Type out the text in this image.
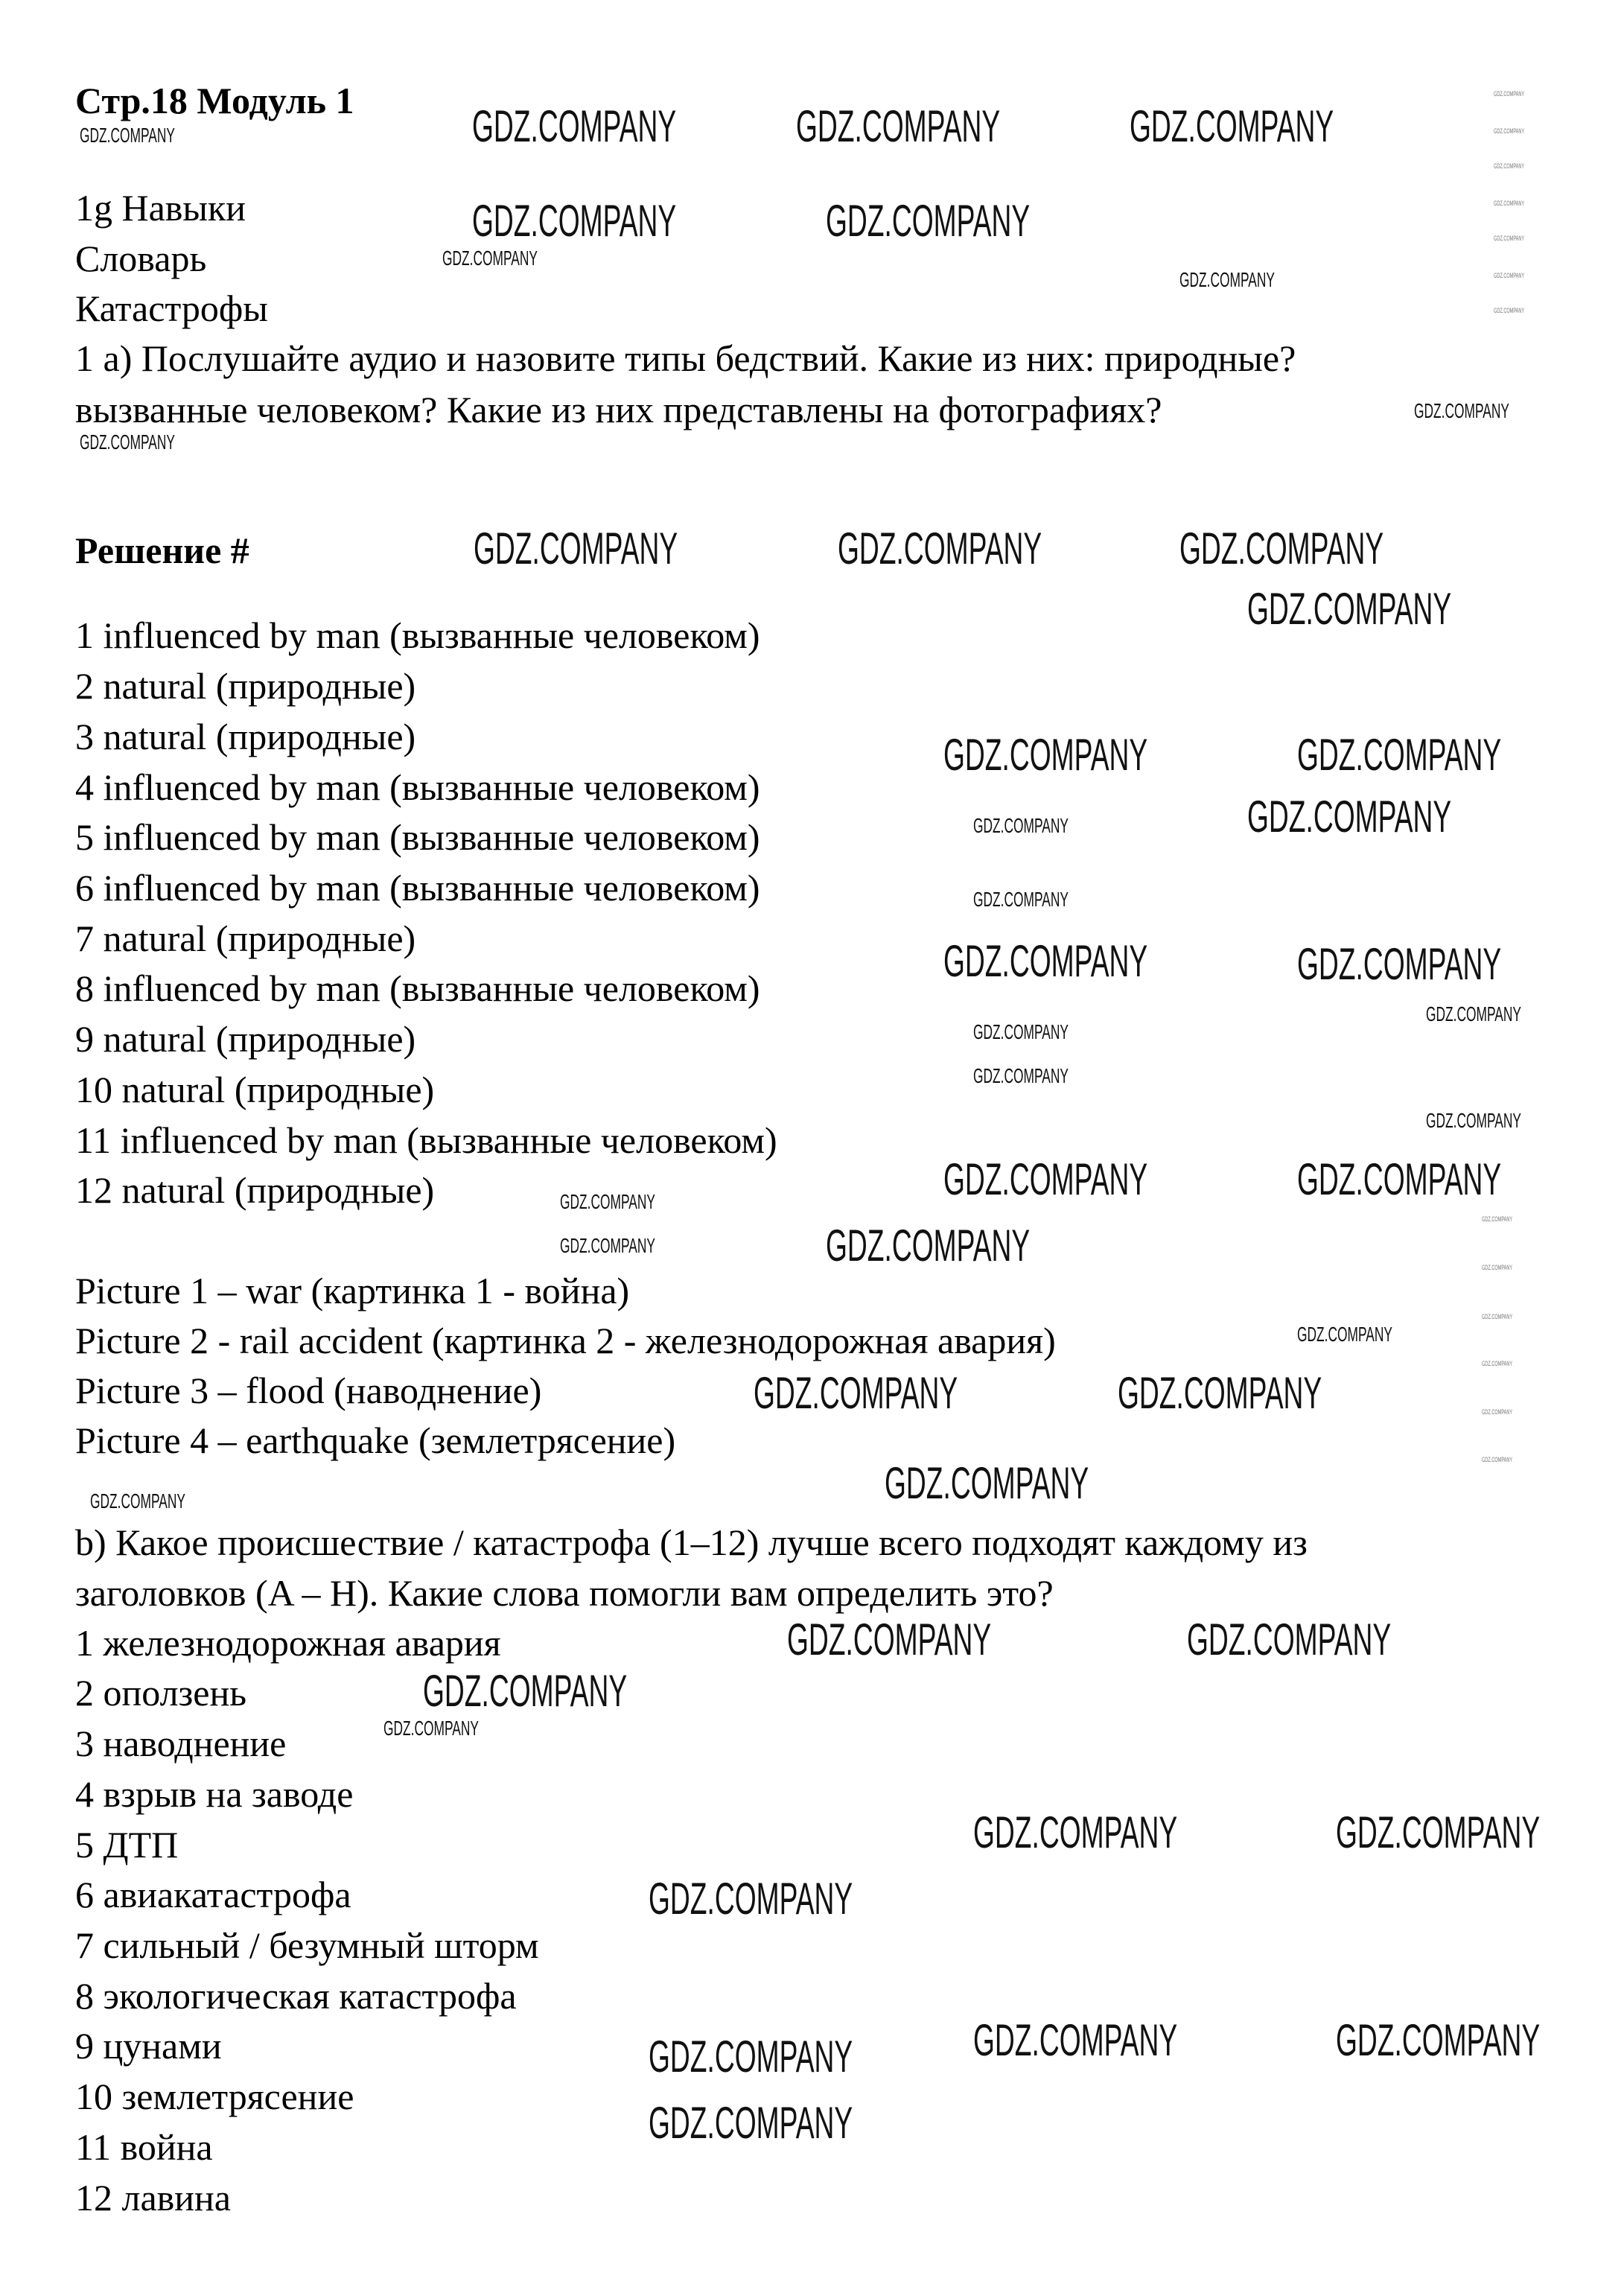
Стр.18 Модуль 1
1g Навыки
Словарь
Катастрофы
1 а) Послушайте аудио и назовите типы бедствий. Какие из них: природные?
вызванные человеком? Какие из них представлены на фотографиях?
Решение #
1 influenced by man (вызванные человеком)
2 natural (природные)
3 natural (природные)
4 influenced by man (вызванные человеком)
5 influenced by man (вызванные человеком)
6 influenced by man (вызванные человеком)
7 natural (природные)
8 influenced by man (вызванные человеком)
9 natural (природные)
10 natural (природные)
11 influenced by man (вызванные человеком)
12 natural (природные)
Picture 1 – war (картинка 1 - война)
Picture 2 - rail accident (картинка 2 - железнодорожная авария)
Picture 3 – flood (наводнение)
Picture 4 – earthquake (землетрясение)
b) Какое происшествие / катастрофа (1–12) лучше всего подходят каждому из
заголовков (A – H). Какие слова помогли вам определить это?
1 железнодорожная авария
2 оползень
3 наводнение
4 взрыв на заводе
5 ДТП
6 авиакатастрофа
7 сильный / безумный шторм
8 экологическая катастрофа
9 цунами
10 землетрясение
11 война
12 лавина
GDZ.COMPANY	GDZ.COMPANY	GDZ.COMPANY
GDZ.COMPANY	GDZ.COMPANY
GDZ.COMPANY	GDZ.COMPANY	GDZ.COMPANY
GDZ.COMPANY
GDZ.COMPANY	GDZ.COMPANY
GDZ.COMPANY
GDZ.COMPANY	GDZ.COMPANY
GDZ.COMPANY	GDZ.COMPANY
GDZ.COMPANY
GDZ.COMPANY	GDZ.COMPANY
GDZ.COMPANY
GDZ.COMPANY	GDZ.COMPANY
GDZ.COMPANY
GDZ.COMPANY	GDZ.COMPANY
GDZ.COMPANY
GDZ.COMPANY	GDZ.COMPANY	GDZ.COMPANY
GDZ.COMPANY
GDZ.COMPANY
GDZ.COMPANY
GDZ.COMPANY
GDZ.COMPANY
GDZ.COMPANY
GDZ.COMPANY
GDZ.COMPANY
GDZ.COMPANY
GDZ.COMPANY
GDZ.COMPANY
GDZ.COMPANY
GDZ.COMPANY
GDZ.COMPANY
GDZ.COMPANY
GDZ.COMPANY
GDZ.COMPANY
GDZ.COMPANY
GDZ.COMPANY
GDZ.COMPANY
GDZ.COMPANY
GDZ.COMPANY
GDZ.COMPANY
GDZ.COMPANY
GDZ.COMPANY
GDZ.COMPANY
GDZ.COMPANY
GDZ.COMPANY
GDZ.COMPANY
GDZ.COMPANY
